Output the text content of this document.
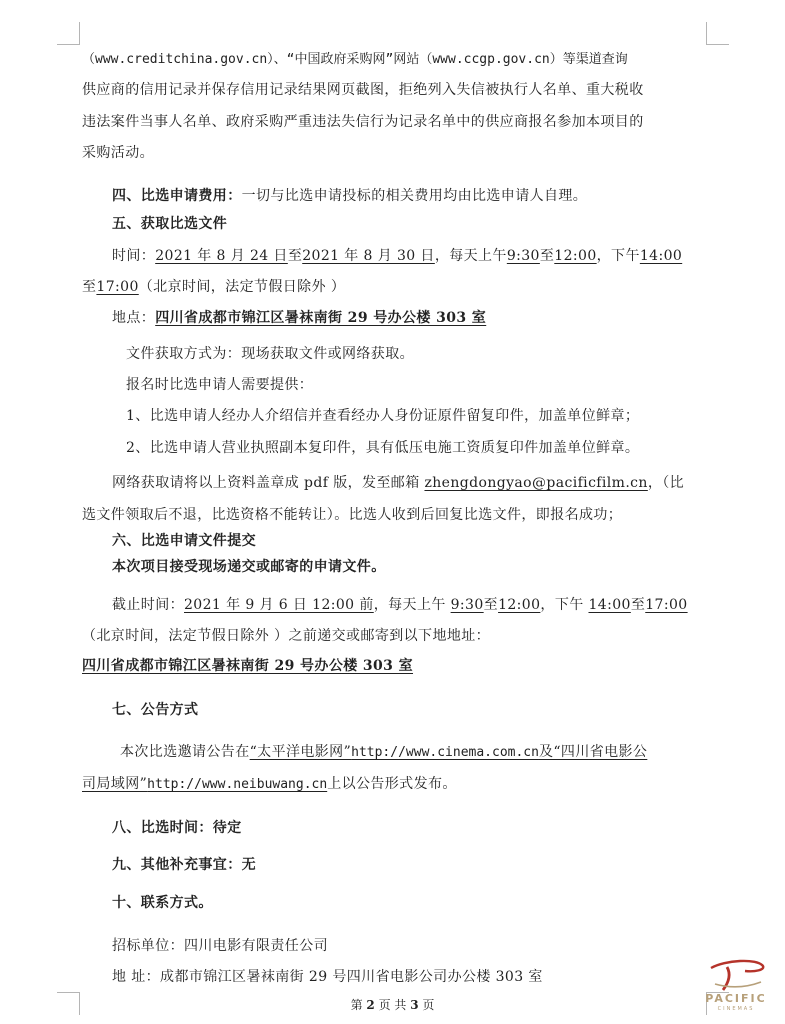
（www.creditchina.gov.cn）、“中国政府采购网”网站（www.ccgp.gov.cn）等渠道查询
供应商的信用记录并保存信用记录结果网页截图，拒绝列入失信被执行人名单、重大税收
违法案件当事人名单、政府采购严重违法失信行为记录名单中的供应商报名参加本项目的
采购活动。
四、比选申请费用：一切与比选申请投标的相关费用均由比选申请人自理。
五、获取比选文件
时间：2021 年 8 月 24 日至2021 年 8 月 30 日，每天上午9:30至12:00，下午14:00
至17:00（北京时间，法定节假日除外 ）
地点：四川省成都市锦江区暑袜南街 29 号办公楼 303 室
文件获取方式为：现场获取文件或网络获取。
报名时比选申请人需要提供：
1、比选申请人经办人介绍信并查看经办人身份证原件留复印件，加盖单位鲜章；
2、比选申请人营业执照副本复印件，具有低压电施工资质复印件加盖单位鲜章。
网络获取请将以上资料盖章成 pdf 版，发至邮箱 zhengdongyao@pacificfilm.cn，（比
选文件领取后不退，比选资格不能转让）。比选人收到后回复比选文件，即报名成功；
六、比选申请文件提交
本次项目接受现场递交或邮寄的申请文件。
截止时间：2021 年 9 月 6 日 12:00 前，每天上午 9:30至12:00，下午 14:00至17:00
（北京时间，法定节假日除外 ）之前递交或邮寄到以下地地址：
四川省成都市锦江区暑袜南街 29 号办公楼 303 室
七、公告方式
本次比选邀请公告在“太平洋电影网”http://www.cinema.com.cn及“四川省电影公
司局域网”http://www.neibuwang.cn上以公告形式发布。
八、比选时间：待定
九、其他补充事宜：无
十、联系方式。
招标单位：四川电影有限责任公司
地 址：成都市锦江区暑袜南街 29 号四川省电影公司办公楼 303 室
第 2 页 共 3 页	PACIFIC
CINEMAS
